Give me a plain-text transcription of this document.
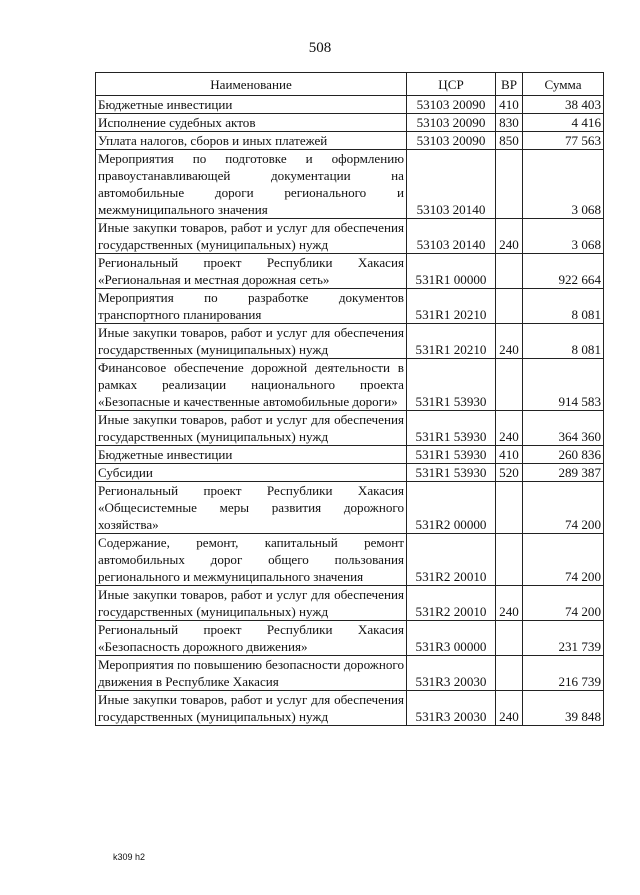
508
Наименование	ЦСР	ВР	Сумма
Бюджетные инвестиции	53103 20090	410	38 403
Исполнение судебных актов	53103 20090	830	4 416
Уплата налогов, сборов и иных платежей	53103 20090	850	77 563
Мероприятия по подготовке и оформлению правоустанавливающей документации на автомобильные дороги регионального и межмуниципального значения	53103 20140		3 068
Иные закупки товаров, работ и услуг для обеспечения государственных (муниципальных) нужд	53103 20140	240	3 068
Региональный проект Республики Хакасия «Региональная и местная дорожная сеть»	531R1 00000		922 664
Мероприятия по разработке документов транспортного планирования	531R1 20210		8 081
Иные закупки товаров, работ и услуг для обеспечения государственных (муниципальных) нужд	531R1 20210	240	8 081
Финансовое обеспечение дорожной деятельности в рамках реализации национального проекта «Безопасные и качественные автомобильные дороги»	531R1 53930		914 583
Иные закупки товаров, работ и услуг для обеспечения государственных (муниципальных) нужд	531R1 53930	240	364 360
Бюджетные инвестиции	531R1 53930	410	260 836
Субсидии	531R1 53930	520	289 387
Региональный проект Республики Хакасия «Общесистемные меры развития дорожного хозяйства»	531R2 00000		74 200
Содержание, ремонт, капитальный ремонт автомобильных дорог общего пользования регионального и межмуниципального значения	531R2 20010		74 200
Иные закупки товаров, работ и услуг для обеспечения государственных (муниципальных) нужд	531R2 20010	240	74 200
Региональный проект Республики Хакасия «Безопасность дорожного движения»	531R3 00000		231 739
Мероприятия по повышению безопасности дорожного движения в Республике Хакасия	531R3 20030		216 739
Иные закупки товаров, работ и услуг для обеспечения государственных (муниципальных) нужд	531R3 20030	240	39 848
k309 h2
